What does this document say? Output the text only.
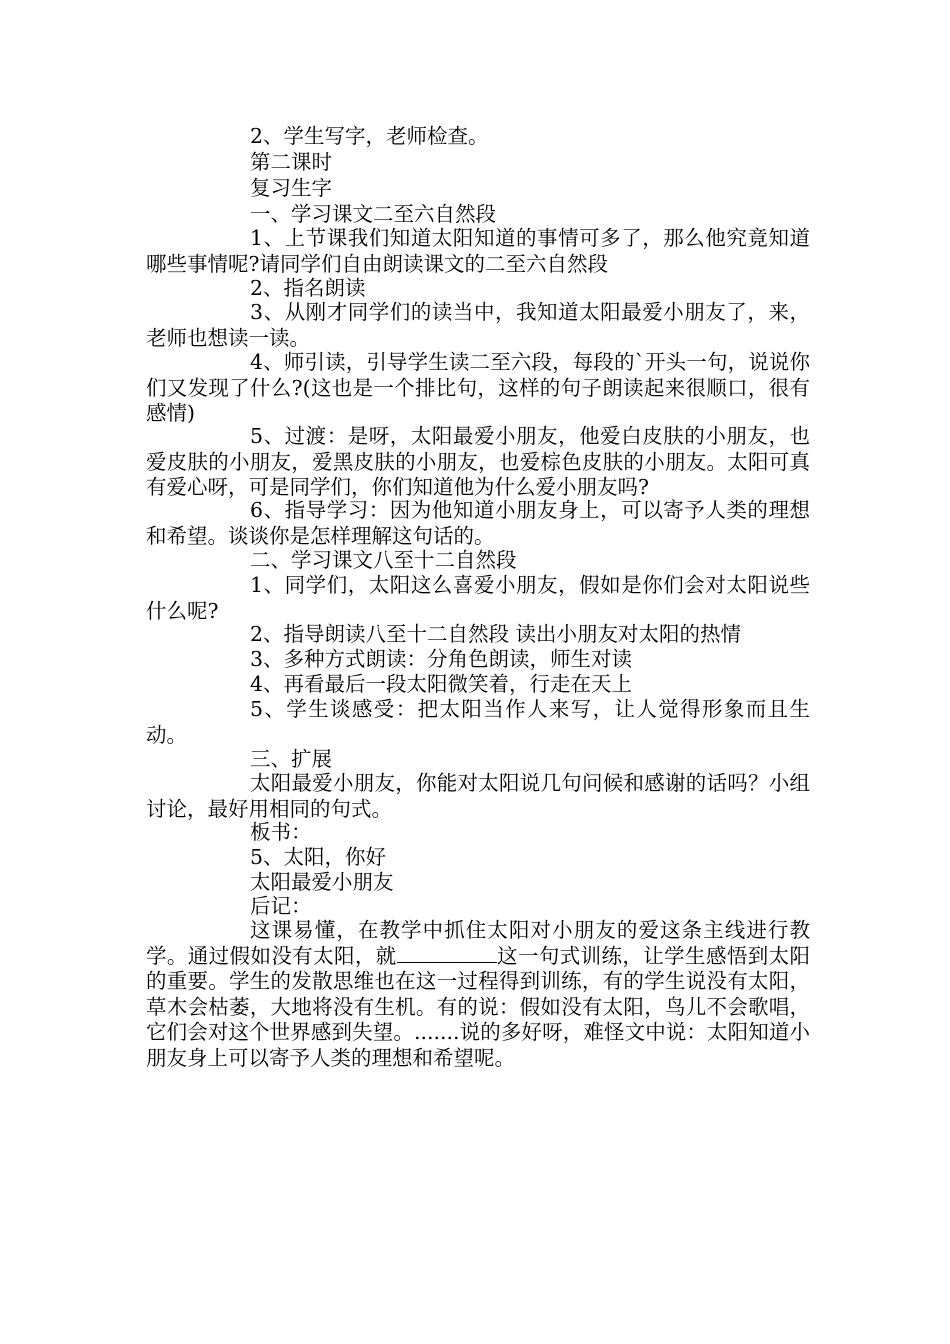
2、学生写字，老师检查。

第二课时

复习生字

一、学习课文二至六自然段

1、上节课我们知道太阳知道的事情可多了，那么他究竟知道哪些事情呢?请同学们自由朗读课文的二至六自然段

2、指名朗读

3、从刚才同学们的读当中，我知道太阳最爱小朋友了，来，老师也想读一读。

4、师引读，引导学生读二至六段，每段的`开头一句，说说你们又发现了什么?(这也是一个排比句，这样的句子朗读起来很顺口，很有感情)

5、过渡：是呀，太阳最爱小朋友，他爱白皮肤的小朋友，也爱皮肤的小朋友，爱黑皮肤的小朋友，也爱棕色皮肤的小朋友。太阳可真有爱心呀，可是同学们，你们知道他为什么爱小朋友吗?

6、指导学习：因为他知道小朋友身上，可以寄予人类的理想和希望。谈谈你是怎样理解这句话的。

二、学习课文八至十二自然段

1、同学们，太阳这么喜爱小朋友，假如是你们会对太阳说些什么呢?

2、指导朗读八至十二自然段 读出小朋友对太阳的热情

3、多种方式朗读：分角色朗读，师生对读

4、再看最后一段太阳微笑着，行走在天上

5、学生谈感受：把太阳当作人来写，让人觉得形象而且生动。

三、扩展

太阳最爱小朋友，你能对太阳说几句问候和感谢的话吗？小组讨论，最好用相同的句式。

板书：

5、太阳，你好

太阳最爱小朋友

后记：

这课易懂，在教学中抓住太阳对小朋友的爱这条主线进行教学。通过假如没有太阳，就	这一句式训练，让学生感悟到太阳的重要。学生的发散思维也在这一过程得到训练，有的学生说没有太阳，草木会枯萎，大地将没有生机。有的说：假如没有太阳，鸟儿不会歌唱，它们会对这个世界感到失望。.......说的多好呀，难怪文中说：太阳知道小朋友身上可以寄予人类的理想和希望呢。
